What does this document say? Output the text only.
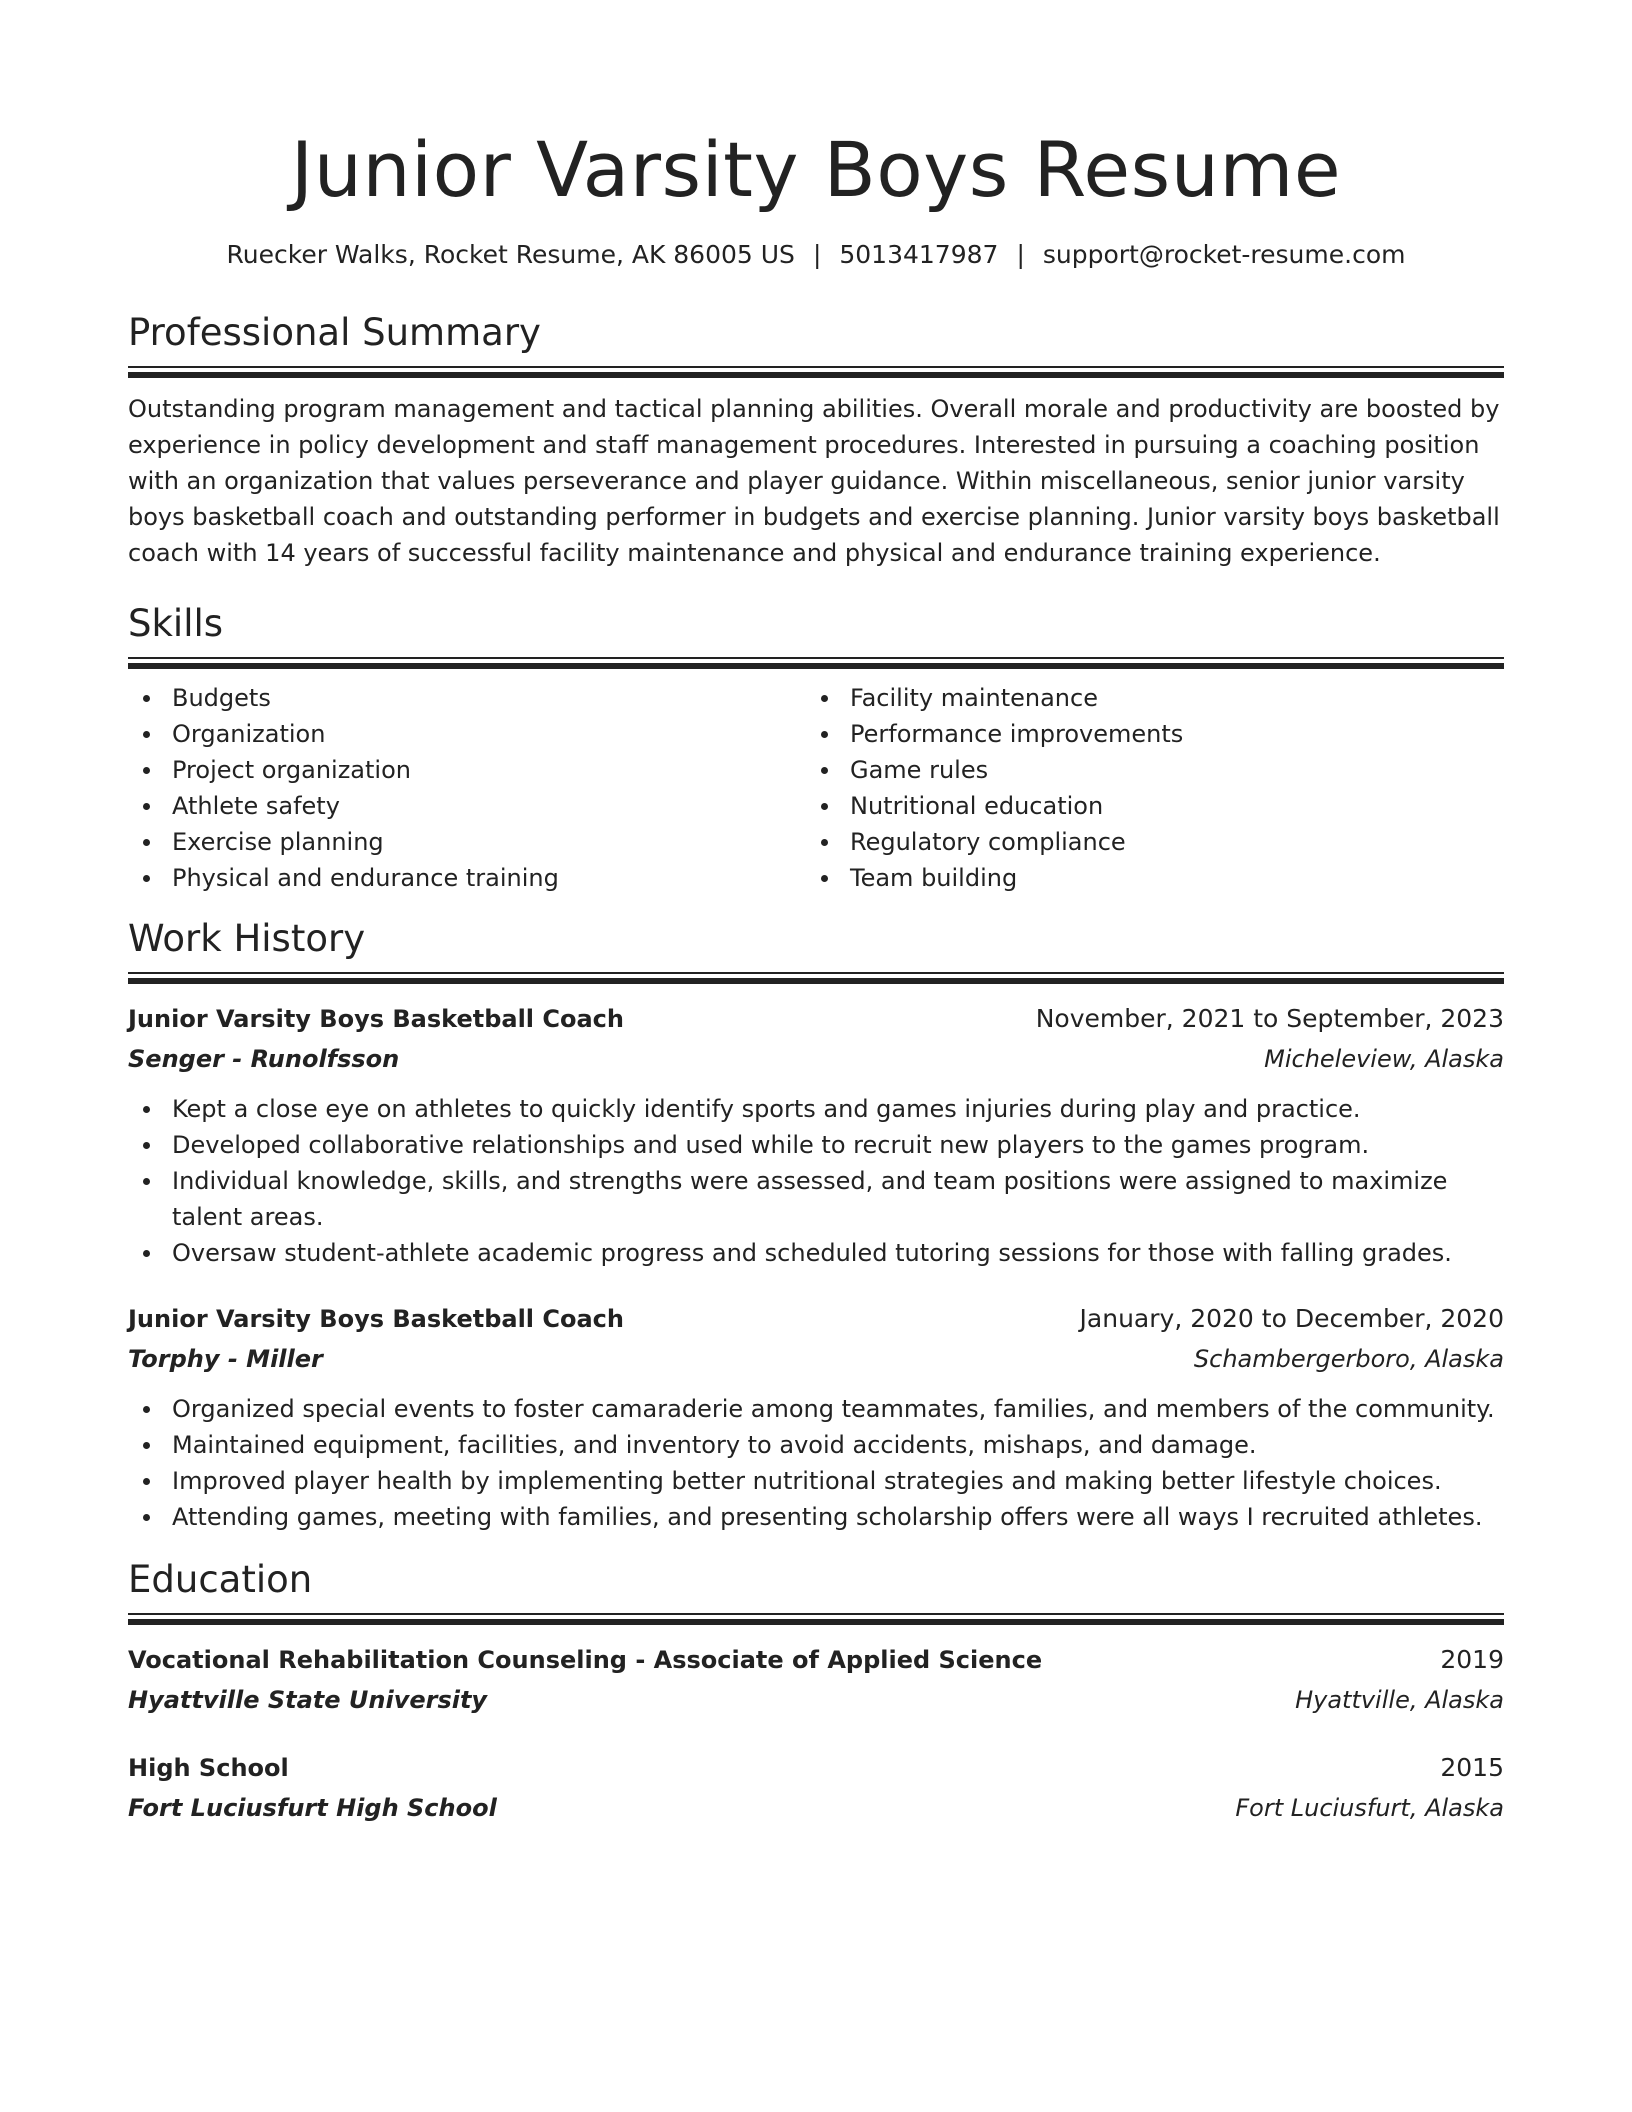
Junior Varsity Boys Resume
Ruecker Walks, Rocket Resume, AK 86005 US | 5013417987 | support@rocket-resume.com
Professional Summary
Outstanding program management and tactical planning abilities. Overall morale and productivity are boosted by experience in policy development and staff management procedures. Interested in pursuing a coaching position with an organization that values perseverance and player guidance. Within miscellaneous, senior junior varsity boys basketball coach and outstanding performer in budgets and exercise planning. Junior varsity boys basketball coach with 14 years of successful facility maintenance and physical and endurance training experience.
Skills
Budgets
Organization
Project organization
Athlete safety
Exercise planning
Physical and endurance training
Facility maintenance
Performance improvements
Game rules
Nutritional education
Regulatory compliance
Team building
Work History
Junior Varsity Boys Basketball Coach	November, 2021 to September, 2023
Senger - Runolfsson	Micheleview, Alaska
Kept a close eye on athletes to quickly identify sports and games injuries during play and practice.
Developed collaborative relationships and used while to recruit new players to the games program.
Individual knowledge, skills, and strengths were assessed, and team positions were assigned to maximize talent areas.
Oversaw student-athlete academic progress and scheduled tutoring sessions for those with falling grades.
Junior Varsity Boys Basketball Coach	January, 2020 to December, 2020
Torphy - Miller	Schambergerboro, Alaska
Organized special events to foster camaraderie among teammates, families, and members of the community.
Maintained equipment, facilities, and inventory to avoid accidents, mishaps, and damage.
Improved player health by implementing better nutritional strategies and making better lifestyle choices.
Attending games, meeting with families, and presenting scholarship offers were all ways I recruited athletes.
Education
Vocational Rehabilitation Counseling - Associate of Applied Science	2019
Hyattville State University	Hyattville, Alaska
High School	2015
Fort Luciusfurt High School	Fort Luciusfurt, Alaska
